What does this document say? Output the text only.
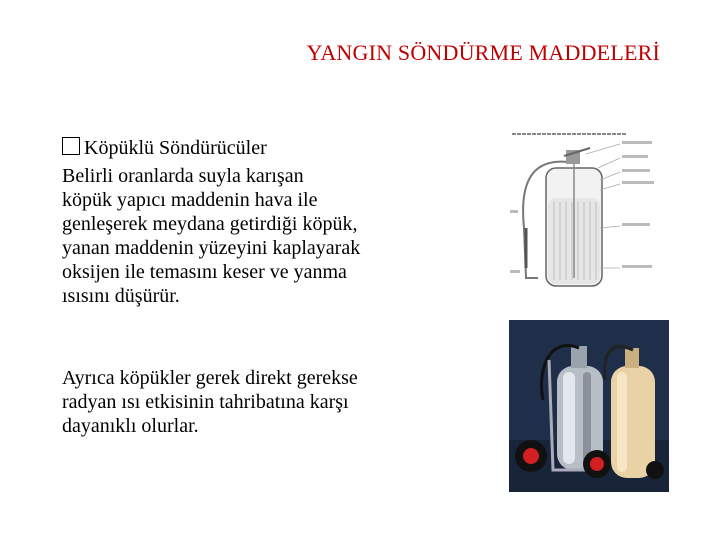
YANGIN SÖNDÜRME MADDELERİ
Köpüklü Söndürücüler
Belirli oranlarda suyla karışan
köpük yapıcı maddenin hava ile
genleşerek meydana getirdiği köpük,
yanan maddenin yüzeyini kaplayarak
oksijen ile temasını keser ve yanma
ısısını düşürür.
Ayrıca köpükler gerek direkt gerekse
radyan ısı etkisinin tahribatına karşı
dayanıklı olurlar.
